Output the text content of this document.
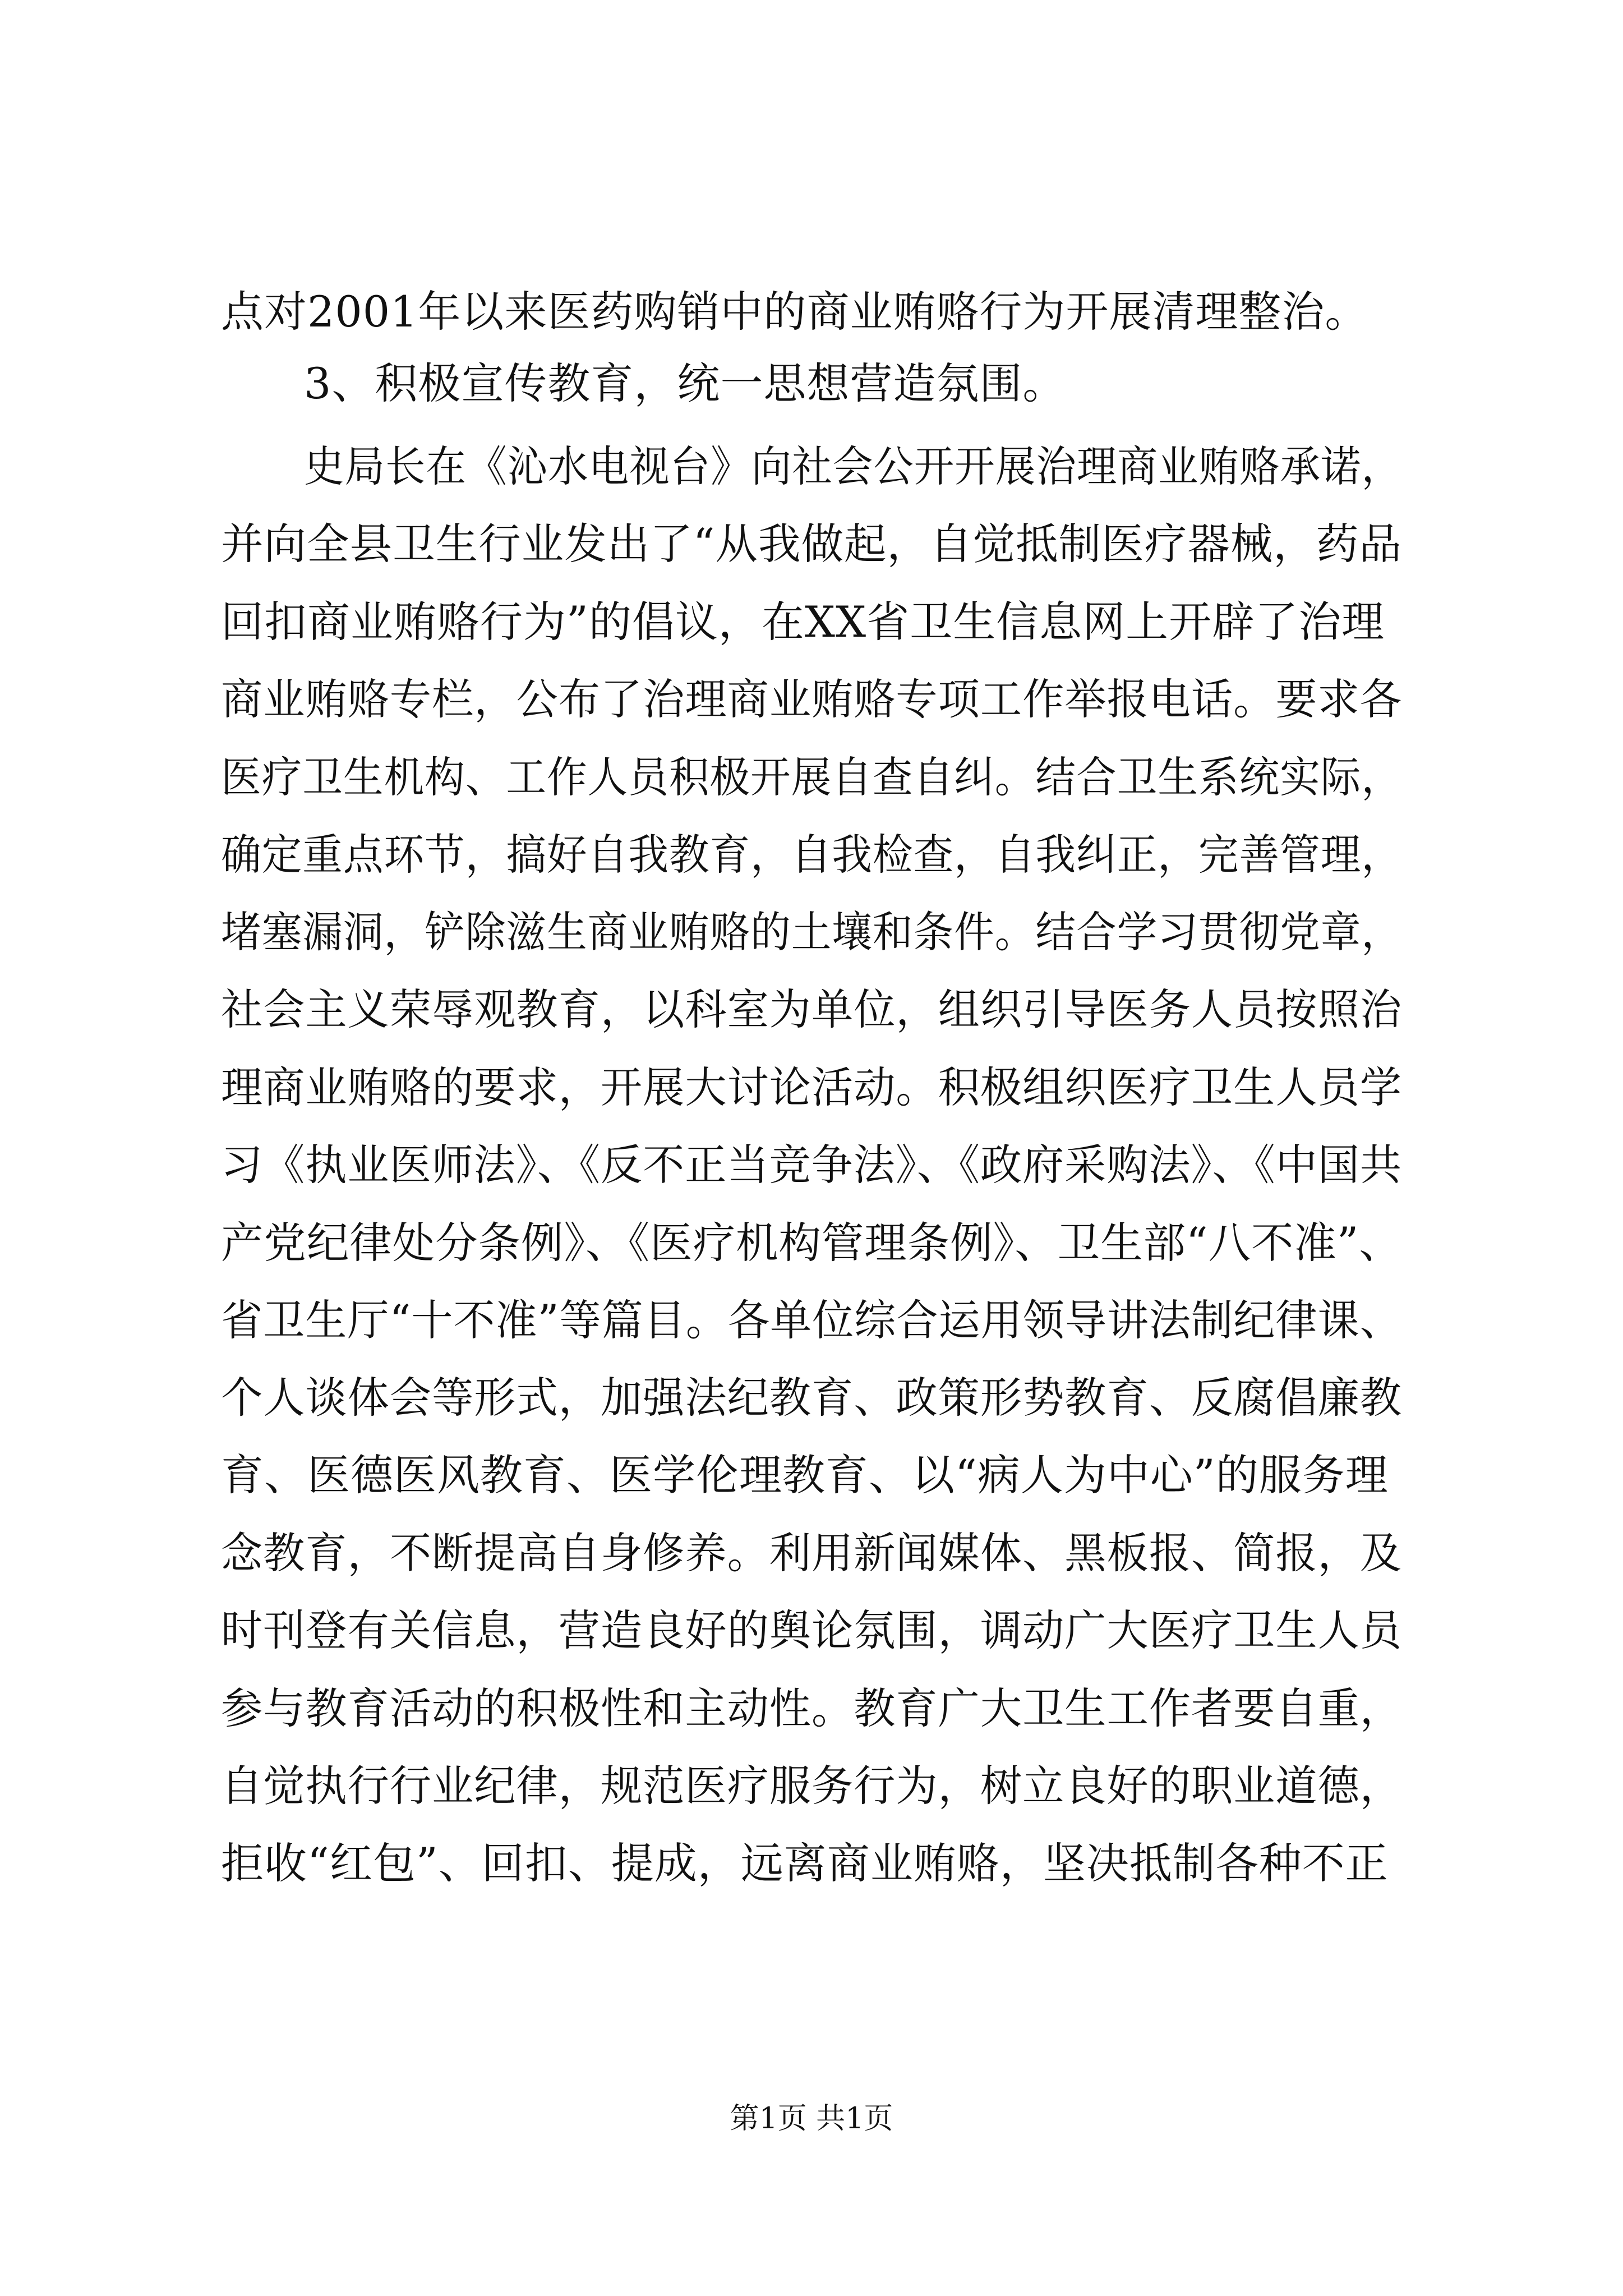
点对2001年以来医药购销中的商业贿赂行为开展清理整治。
3、积极宣传教育，统一思想营造氛围。
史局长在《沁水电视台》向社会公开开展治理商业贿赂承诺，
并向全县卫生行业发出了“从我做起，自觉抵制医疗器械，药品
回扣商业贿赂行为”的倡议，在XX省卫生信息网上开辟了治理
商业贿赂专栏，公布了治理商业贿赂专项工作举报电话。要求各
医疗卫生机构、工作人员积极开展自查自纠。结合卫生系统实际，
确定重点环节，搞好自我教育，自我检查，自我纠正，完善管理，
堵塞漏洞，铲除滋生商业贿赂的土壤和条件。结合学习贯彻党章，
社会主义荣辱观教育，以科室为单位，组织引导医务人员按照治
理商业贿赂的要求，开展大讨论活动。积极组织医疗卫生人员学
习《执业医师法》、《反不正当竞争法》、《政府采购法》、《中国共
产党纪律处分条例》、《医疗机构管理条例》、卫生部“八不准”、
省卫生厅“十不准”等篇目。各单位综合运用领导讲法制纪律课、
个人谈体会等形式，加强法纪教育、政策形势教育、反腐倡廉教
育、医德医风教育、医学伦理教育、以“病人为中心”的服务理
念教育，不断提高自身修养。利用新闻媒体、黑板报、简报，及
时刊登有关信息，营造良好的舆论氛围，调动广大医疗卫生人员
参与教育活动的积极性和主动性。教育广大卫生工作者要自重，
自觉执行行业纪律，规范医疗服务行为，树立良好的职业道德，
拒收“红包”、回扣、提成，远离商业贿赂，坚决抵制各种不正
第1页 共1页
